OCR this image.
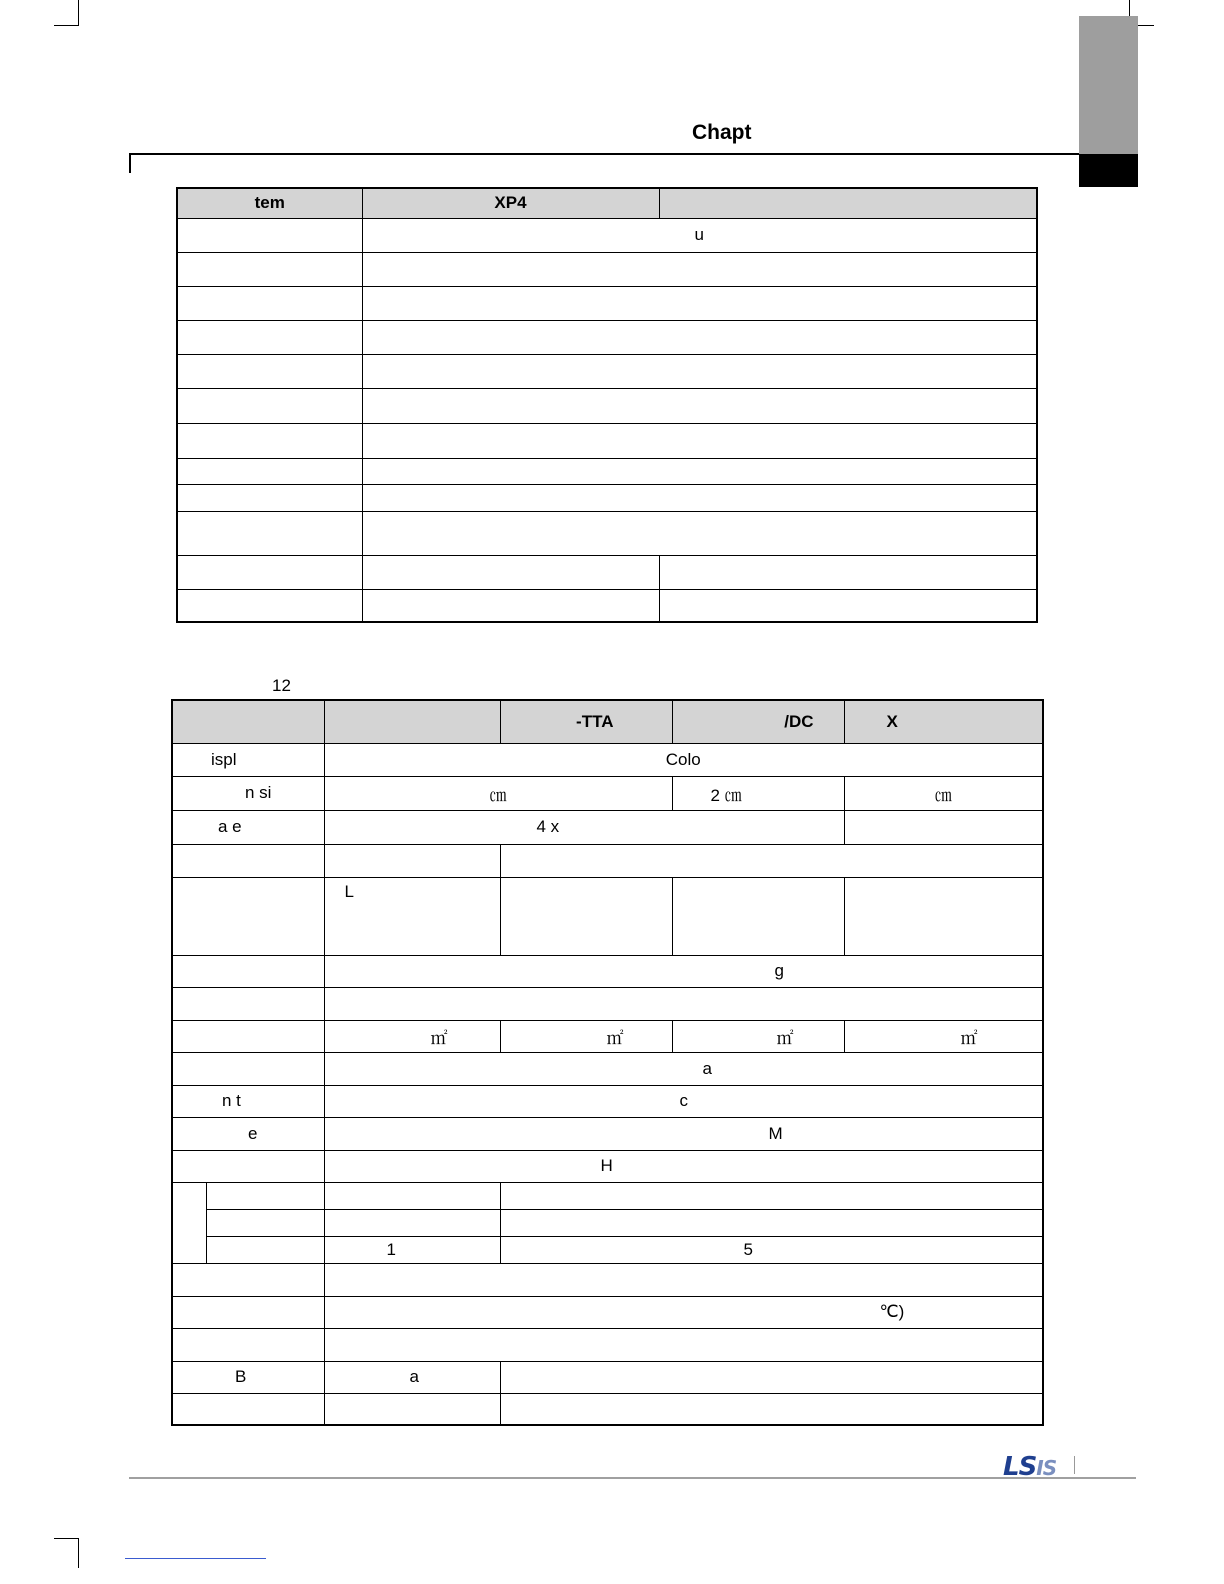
Chapt
tem	XP4	
	u	

12
			-TTA	/DC	X
ispl		Colo			
n si		㎝		2 ㎝	㎝
a e		4 x			

		L			
		g			

		㎡	㎡	㎡	㎡
		a			
n t		c			
e		M			
		H			

		1	5		

		℃)			

B		a			

LSIS
